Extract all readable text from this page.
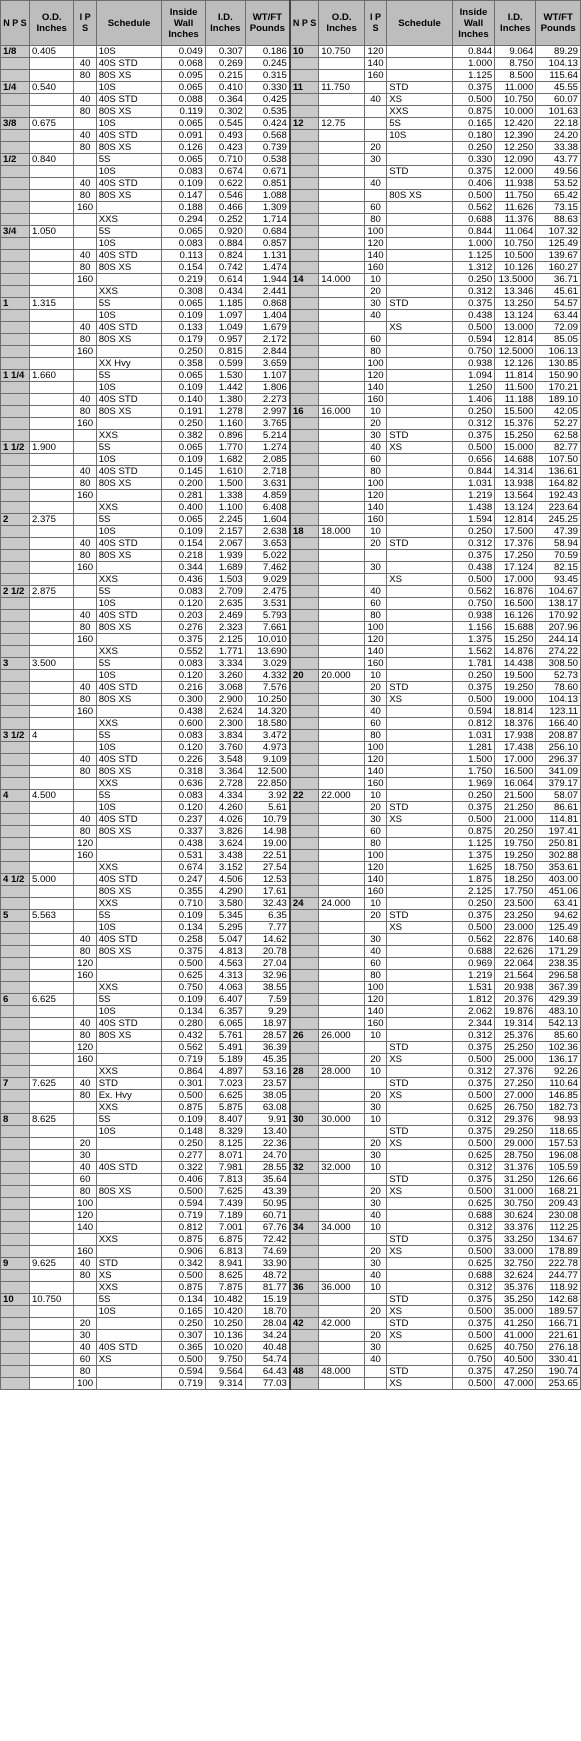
N P S	O.D. Inches	I P S	Schedule	Inside Wall Inches	I.D. Inches	WT/FT Pounds	N P S	O.D. Inches	I P S	Schedule	Inside Wall Inches	I.D. Inches	WT/FT Pounds
1/8	0.405		10S	0.049	0.307	0.186	10	10.750	120		0.844	9.064	89.29
		40	40S STD	0.068	0.269	0.245			140		1.000	8.750	104.13
		80	80S XS	0.095	0.215	0.315			160		1.125	8.500	115.64
1/4	0.540		10S	0.065	0.410	0.330	11	11.750		STD	0.375	11.000	45.55
		40	40S STD	0.088	0.364	0.425			40	XS	0.500	10.750	60.07
		80	80S XS	0.119	0.302	0.535				XXS	0.875	10.000	101.63
3/8	0.675		10S	0.065	0.545	0.424	12	12.75		5S	0.165	12.420	22.18
		40	40S STD	0.091	0.493	0.568				10S	0.180	12.390	24.20
		80	80S XS	0.126	0.423	0.739			20		0.250	12.250	33.38
1/2	0.840		5S	0.065	0.710	0.538			30		0.330	12.090	43.77
			10S	0.083	0.674	0.671				STD	0.375	12.000	49.56
		40	40S STD	0.109	0.622	0.851			40		0.406	11.938	53.52
		80	80S XS	0.147	0.546	1.088				80S XS	0.500	11.750	65.42
		160		0.188	0.466	1.309			60		0.562	11.626	73.15
			XXS	0.294	0.252	1.714			80		0.688	11.376	88.63
3/4	1.050		5S	0.065	0.920	0.684			100		0.844	11.064	107.32
			10S	0.083	0.884	0.857			120		1.000	10.750	125.49
		40	40S STD	0.113	0.824	1.131			140		1.125	10.500	139.67
		80	80S XS	0.154	0.742	1.474			160		1.312	10.126	160.27
		160		0.219	0.614	1.944	14	14.000	10		0.250	13.5000	36.71
			XXS	0.308	0.434	2.441			20		0.312	13.346	45.61
1	1.315		5S	0.065	1.185	0.868			30	STD	0.375	13.250	54.57
			10S	0.109	1.097	1.404			40		0.438	13.124	63.44
		40	40S STD	0.133	1.049	1.679				XS	0.500	13.000	72.09
		80	80S XS	0.179	0.957	2.172			60		0.594	12.814	85.05
		160		0.250	0.815	2.844			80		0.750	12.5000	106.13
			XX Hvy	0.358	0.599	3.659			100		0.938	12.126	130.85
1 1/4	1.660		5S	0.065	1.530	1.107			120		1.094	11.814	150.90
			10S	0.109	1.442	1.806			140		1.250	11.500	170.21
		40	40S STD	0.140	1.380	2.273			160		1.406	11.188	189.10
		80	80S XS	0.191	1.278	2.997	16	16.000	10		0.250	15.500	42.05
		160		0.250	1.160	3.765			20		0.312	15.376	52.27
			XXS	0.382	0.896	5.214			30	STD	0.375	15.250	62.58
1 1/2	1.900		5S	0.065	1.770	1.274			40	XS	0.500	15.000	82.77
			10S	0.109	1.682	2.085			60		0.656	14.688	107.50
		40	40S STD	0.145	1.610	2.718			80		0.844	14.314	136.61
		80	80S XS	0.200	1.500	3.631			100		1.031	13.938	164.82
		160		0.281	1.338	4.859			120		1.219	13.564	192.43
			XXS	0.400	1.100	6.408			140		1.438	13.124	223.64
2	2.375		5S	0.065	2.245	1.604			160		1.594	12.814	245.25
			10S	0.109	2.157	2.638	18	18.000	10		0.250	17.500	47.39
		40	40S STD	0.154	2.067	3.653			20	STD	0.312	17.376	58.94
		80	80S XS	0.218	1.939	5.022					0.375	17.250	70.59
		160		0.344	1.689	7.462			30		0.438	17.124	82.15
			XXS	0.436	1.503	9.029				XS	0.500	17.000	93.45
2 1/2	2.875		5S	0.083	2.709	2.475			40		0.562	16.876	104.67
			10S	0.120	2.635	3.531			60		0.750	16.500	138.17
		40	40S STD	0.203	2.469	5.793			80		0.938	16.126	170.92
		80	80S XS	0.276	2.323	7.661			100		1.156	15.688	207.96
		160		0.375	2.125	10.010			120		1.375	15.250	244.14
			XXS	0.552	1.771	13.690			140		1.562	14.876	274.22
3	3.500		5S	0.083	3.334	3.029			160		1.781	14.438	308.50
			10S	0.120	3.260	4.332	20	20.000	10		0.250	19.500	52.73
		40	40S STD	0.216	3.068	7.576			20	STD	0.375	19.250	78.60
		80	80S XS	0.300	2.900	10.250			30	XS	0.500	19.000	104.13
		160		0.438	2.624	14.320			40		0.594	18.814	123.11
			XXS	0.600	2.300	18.580			60		0.812	18.376	166.40
3 1/2	4		5S	0.083	3.834	3.472			80		1.031	17.938	208.87
			10S	0.120	3.760	4.973			100		1.281	17.438	256.10
		40	40S STD	0.226	3.548	9.109			120		1.500	17.000	296.37
		80	80S XS	0.318	3.364	12.500			140		1.750	16.500	341.09
			XXS	0.636	2.728	22.850			160		1.969	16.064	379.17
4	4.500		5S	0.083	4.334	3.92	22	22.000	10		0.250	21.500	58.07
			10S	0.120	4.260	5.61			20	STD	0.375	21.250	86.61
		40	40S STD	0.237	4.026	10.79			30	XS	0.500	21.000	114.81
		80	80S XS	0.337	3.826	14.98			60		0.875	20.250	197.41
		120		0.438	3.624	19.00			80		1.125	19.750	250.81
		160		0.531	3.438	22.51			100		1.375	19.250	302.88
			XXS	0.674	3.152	27.54			120		1.625	18.750	353.61
4 1/2	5.000		40S STD	0.247	4.506	12.53			140		1.875	18.250	403.00
			80S XS	0.355	4.290	17.61			160		2.125	17.750	451.06
			XXS	0.710	3.580	32.43	24	24.000	10		0.250	23.500	63.41
5	5.563		5S	0.109	5.345	6.35			20	STD	0.375	23.250	94.62
			10S	0.134	5.295	7.77				XS	0.500	23.000	125.49
		40	40S STD	0.258	5.047	14.62			30		0.562	22.876	140.68
		80	80S XS	0.375	4.813	20.78			40		0.688	22.626	171.29
		120		0.500	4.563	27.04			60		0.969	22.064	238.35
		160		0.625	4.313	32.96			80		1.219	21.564	296.58
			XXS	0.750	4.063	38.55			100		1.531	20.938	367.39
6	6.625		5S	0.109	6.407	7.59			120		1.812	20.376	429.39
			10S	0.134	6.357	9.29			140		2.062	19.876	483.10
		40	40S STD	0.280	6.065	18.97			160		2.344	19.314	542.13
		80	80S XS	0.432	5.761	28.57	26	26.000	10		0.312	25.376	85.60
		120		0.562	5.491	36.39				STD	0.375	25.250	102.36
		160		0.719	5.189	45.35			20	XS	0.500	25.000	136.17
			XXS	0.864	4.897	53.16	28	28.000	10		0.312	27.376	92.26
7	7.625	40	STD	0.301	7.023	23.57				STD	0.375	27.250	110.64
		80	Ex. Hvy	0.500	6.625	38.05			20	XS	0.500	27.000	146.85
			XXS	0.875	5.875	63.08			30		0.625	26.750	182.73
8	8.625		5S	0.109	8.407	9.91	30	30.000	10		0.312	29.376	98.93
			10S	0.148	8.329	13.40				STD	0.375	29.250	118.65
		20		0.250	8.125	22.36			20	XS	0.500	29.000	157.53
		30		0.277	8.071	24.70			30		0.625	28.750	196.08
		40	40S STD	0.322	7.981	28.55	32	32.000	10		0.312	31.376	105.59
		60		0.406	7.813	35.64				STD	0.375	31.250	126.66
		80	80S XS	0.500	7.625	43.39			20	XS	0.500	31.000	168.21
		100		0.594	7.439	50.95			30		0.625	30.750	209.43
		120		0.719	7.189	60.71			40		0.688	30.624	230.08
		140		0.812	7.001	67.76	34	34.000	10		0.312	33.376	112.25
			XXS	0.875	6.875	72.42				STD	0.375	33.250	134.67
		160		0.906	6.813	74.69			20	XS	0.500	33.000	178.89
9	9.625	40	STD	0.342	8.941	33.90			30		0.625	32.750	222.78
		80	XS	0.500	8.625	48.72			40		0.688	32.624	244.77
			XXS	0.875	7.875	81.77	36	36.000	10		0.312	35.376	118.92
10	10.750		5S	0.134	10.482	15.19				STD	0.375	35.250	142.68
			10S	0.165	10.420	18.70			20	XS	0.500	35.000	189.57
		20		0.250	10.250	28.04	42	42.000		STD	0.375	41.250	166.71
		30		0.307	10.136	34.24			20	XS	0.500	41.000	221.61
		40	40S STD	0.365	10.020	40.48			30		0.625	40.750	276.18
		60	XS	0.500	9.750	54.74			40		0.750	40.500	330.41
		80		0.594	9.564	64.43	48	48.000		STD	0.375	47.250	190.74
		100		0.719	9.314	77.03				XS	0.500	47.000	253.65
